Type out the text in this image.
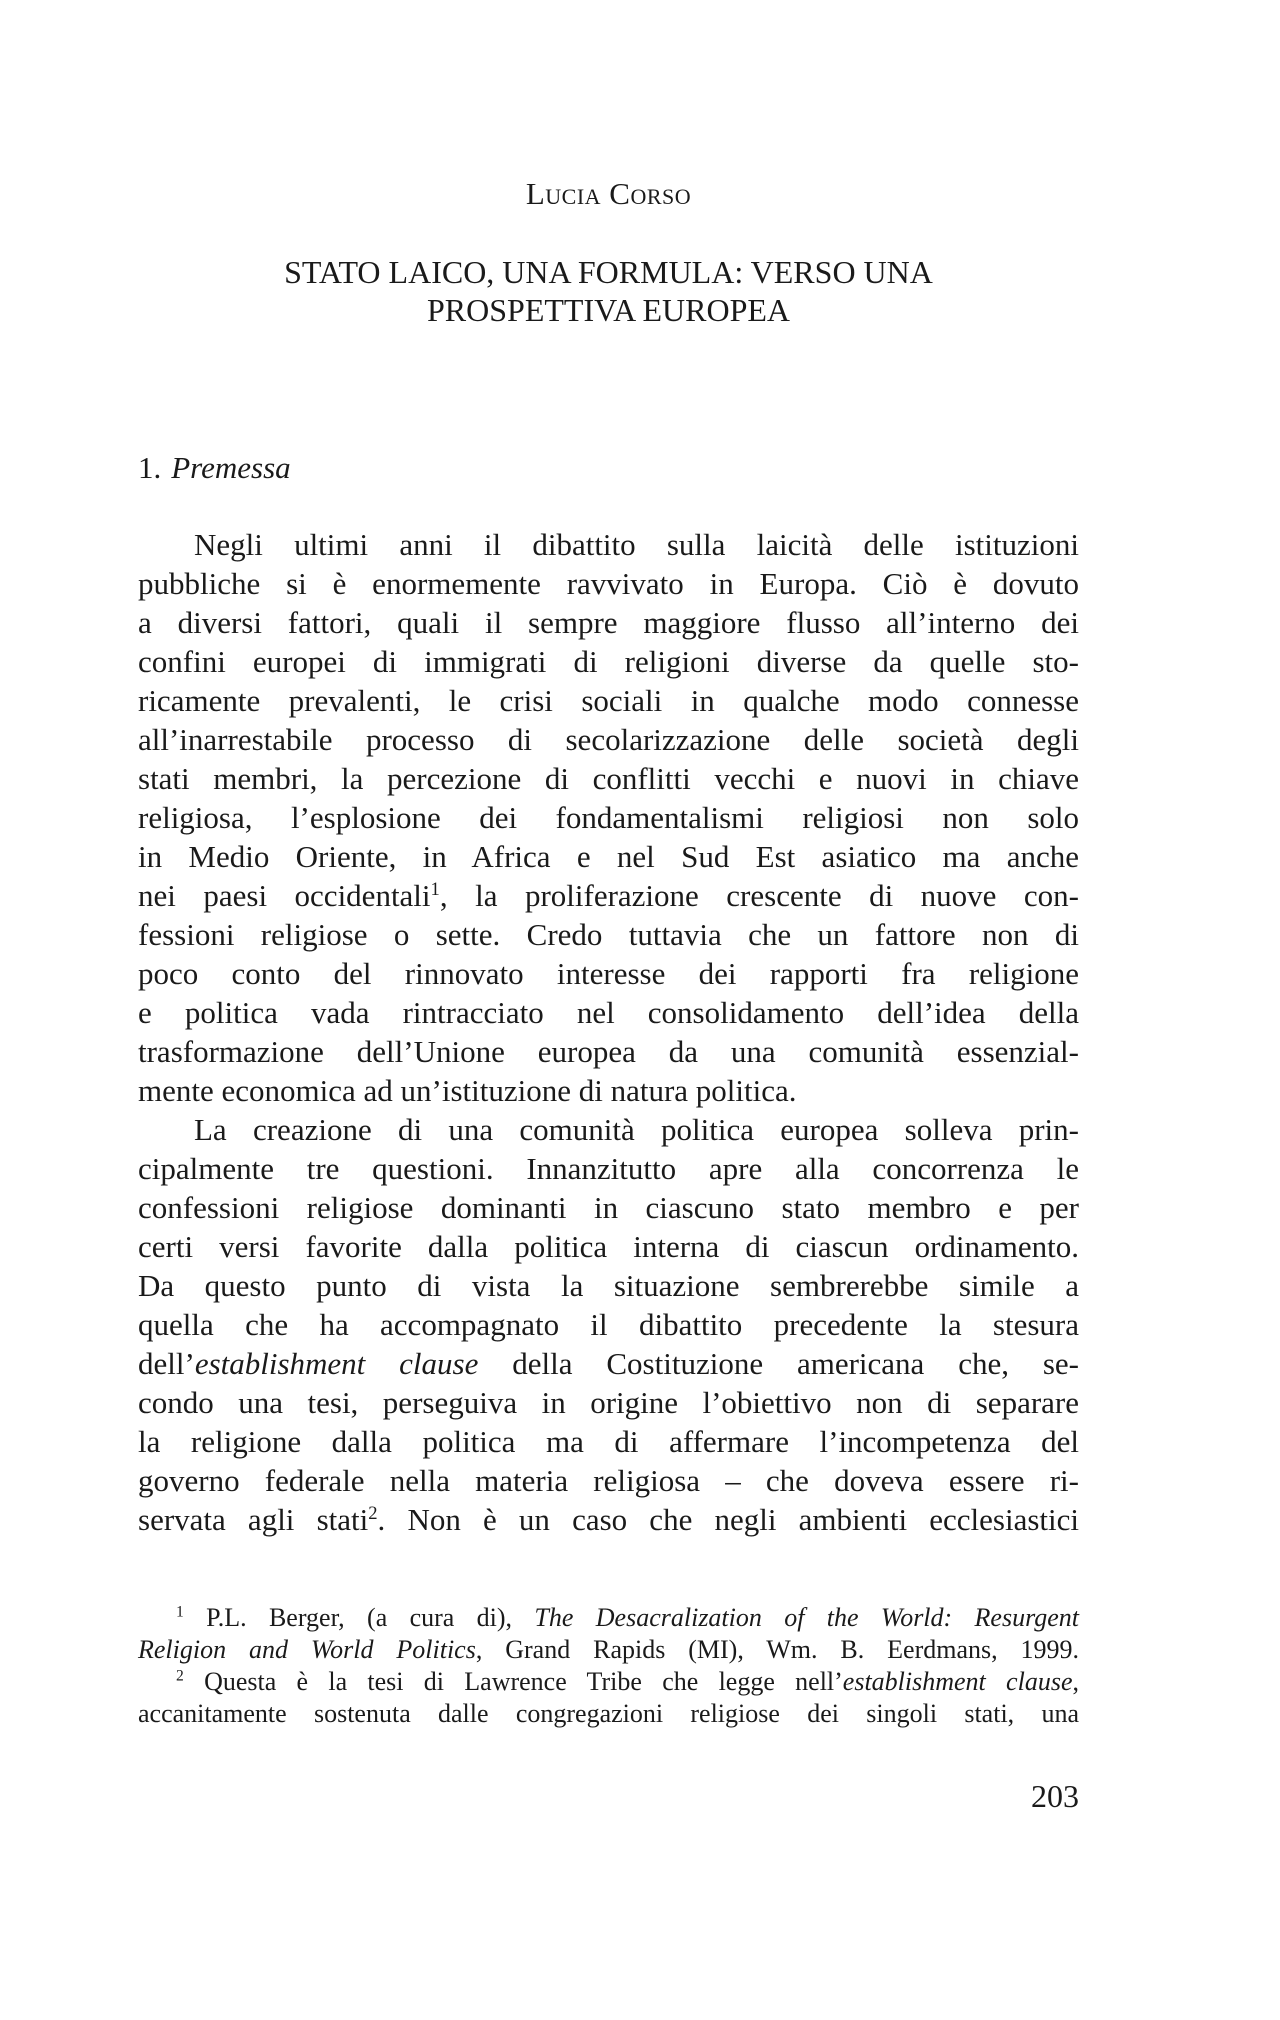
Lucia Corso
STATO LAICO, UNA FORMULA: VERSO UNA
PROSPETTIVA EUROPEA
1. Premessa
Negli ultimi anni il dibattito sulla laicità delle istituzioni
pubbliche si è enormemente ravvivato in Europa. Ciò è dovuto
a diversi fattori, quali il sempre maggiore flusso all’interno dei
confini europei di immigrati di religioni diverse da quelle sto-
ricamente prevalenti, le crisi sociali in qualche modo connesse
all’inarrestabile processo di secolarizzazione delle società degli
stati membri, la percezione di conflitti vecchi e nuovi in chiave
religiosa, l’esplosione dei fondamentalismi religiosi non solo
in Medio Oriente, in Africa e nel Sud Est asiatico ma anche
nei paesi occidentali$^1$, la proliferazione crescente di nuove con-
fessioni religiose o sette. Credo tuttavia che un fattore non di
poco conto del rinnovato interesse dei rapporti fra religione
e politica vada rintracciato nel consolidamento dell’idea della
trasformazione dell’Unione europea da una comunità essenzial-
mente economica ad un’istituzione di natura politica.
La creazione di una comunità politica europea solleva prin-
cipalmente tre questioni. Innanzitutto apre alla concorrenza le
confessioni religiose dominanti in ciascuno stato membro e per
certi versi favorite dalla politica interna di ciascun ordinamento.
Da questo punto di vista la situazione sembrerebbe simile a
quella che ha accompagnato il dibattito precedente la stesura
dell’establishment clause della Costituzione americana che, se-
condo una tesi, perseguiva in origine l’obiettivo non di separare
la religione dalla politica ma di affermare l’incompetenza del
governo federale nella materia religiosa – che doveva essere ri-
servata agli stati$^2$. Non è un caso che negli ambienti ecclesiastici
$^1$ P.L. Berger, (a cura di), The Desacralization of the World: Resurgent
Religion and World Politics, Grand Rapids (MI), Wm. B. Eerdmans, 1999.
$^2$ Questa è la tesi di Lawrence Tribe che legge nell’establishment clause,
accanitamente sostenuta dalle congregazioni religiose dei singoli stati, una
203
